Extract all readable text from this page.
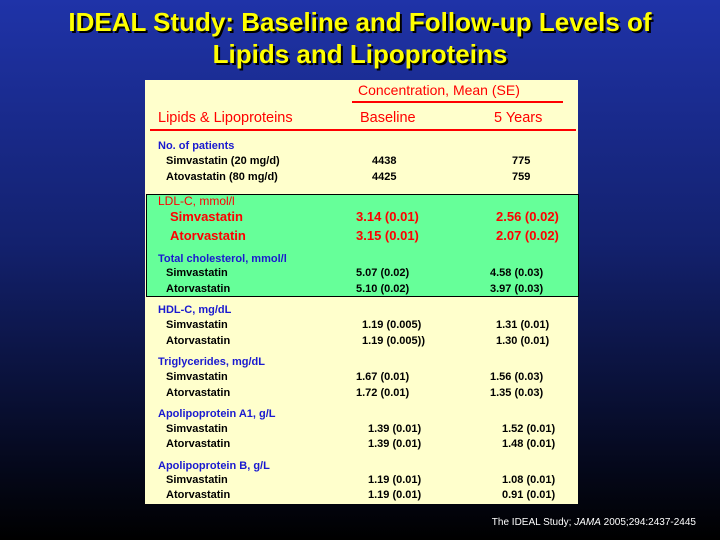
IDEAL Study: Baseline and Follow-up Levels of
Lipids and Lipoproteins
Concentration, Mean (SE)
Lipids & Lipoproteins	Baseline	5 Years
No. of patients
Simvastatin (20 mg/d)	4438	775
Atovastatin (80 mg/d)	4425	759
LDL-C, mmol/l
Simvastatin	3.14 (0.01)	2.56 (0.02)
Atorvastatin	3.15 (0.01)	2.07 (0.02)
Total cholesterol, mmol/l
Simvastatin	5.07 (0.02)	4.58 (0.03)
Atorvastatin	5.10 (0.02)	3.97 (0.03)
HDL-C, mg/dL
Simvastatin	1.19 (0.005)	1.31 (0.01)
Atorvastatin	1.19 (0.005))	1.30 (0.01)
Triglycerides, mg/dL
Simvastatin	1.67 (0.01)	1.56 (0.03)
Atorvastatin	1.72 (0.01)	1.35 (0.03)
Apolipoprotein A1, g/L
Simvastatin	1.39 (0.01)	1.52 (0.01)
Atorvastatin	1.39 (0.01)	1.48 (0.01)
Apolipoprotein B, g/L
Simvastatin	1.19 (0.01)	1.08 (0.01)
Atorvastatin	1.19 (0.01)	0.91 (0.01)
The IDEAL Study; JAMA 2005;294:2437-2445
